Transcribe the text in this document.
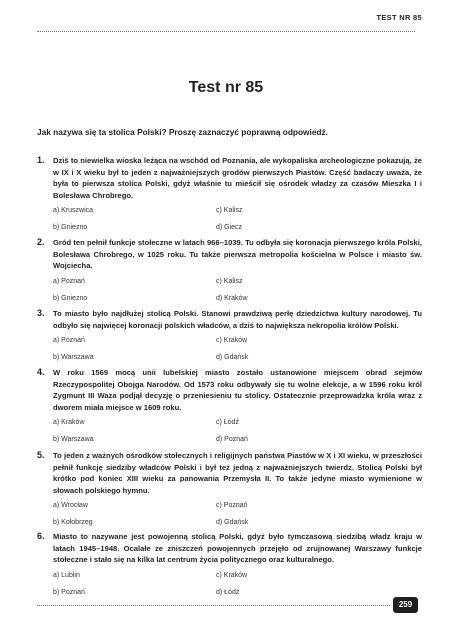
TEST NR 85
Test nr 85
Jak nazywa się ta stolica Polski? Proszę zaznaczyć poprawną odpowiedź.
1. Dziś to niewielka wioska leżąca na wschód od Poznania, ale wykopaliska archeologiczne pokazują, że w IX i X wieku był to jeden z najważniejszych grodów pierwszych Piastów. Część badaczy uważa, że była to pierwsza stolica Polski, gdyż właśnie tu mieścił się ośrodek władzy za czasów Mieszka I i Bolesława Chrobrego.
a) Kruszwica	c) Kalisz
b) Gniezno	d) Giecz
2. Gród ten pełnił funkcje stołeczne w latach 966–1039. Tu odbyła się koronacja pierwszego króla Polski, Bolesława Chrobrego, w 1025 roku. Tu także pierwsza metropolia kościelna w Polsce i miasto św. Wojciecha.
a) Poznań	c) Kalisz
b) Gniezno	d) Kraków
3. To miasto było najdłużej stolicą Polski. Stanowi prawdziwą perłę dziedzictwa kultury narodowej. Tu odbyło się najwięcej koronacji polskich władców, a dziś to największa nekropolia królów Polski.
a) Poznań	c) Kraków
b) Warszawa	d) Gdańsk
4. W roku 1569 mocą unii lubelskiej miasto zostało ustanowione miejscem obrad sejmów Rzeczypospolitej Obojga Narodów. Od 1573 roku odbywały się tu wolne elekcje, a w 1596 roku król Zygmunt III Waza podjął decyzję o przeniesieniu tu stolicy. Ostatecznie przeprowadzka króla wraz z dworem miała miejsce w 1609 roku.
a) Kraków	c) Łódź
b) Warszawa	d) Poznań
5. To jeden z ważnych ośrodków stołecznych i religijnych państwa Piastów w X i XI wieku, w przeszłości pełnił funkcję siedziby władców Polski i był też jedną z najważniejszych twierdz. Stolicą Polski był krótko pod koniec XIII wieku za panowania Przemysła II. To także jedyne miasto wymienione w słowach polskiego hymnu.
a) Wrocław	c) Poznań
b) Kołobrzeg	d) Gdańsk
6. Miasto to nazywane jest powojenną stolicą Polski, gdyż było tymczasową siedzibą władz kraju w latach 1945–1948. Ocalałe ze zniszczeń powojennych przejęło od zrujnowanej Warszawy funkcje stołeczne i stało się na kilka lat centrum życia politycznego oraz kulturalnego.
a) Lublin	c) Kraków
b) Poznań	d) Łódź
259
